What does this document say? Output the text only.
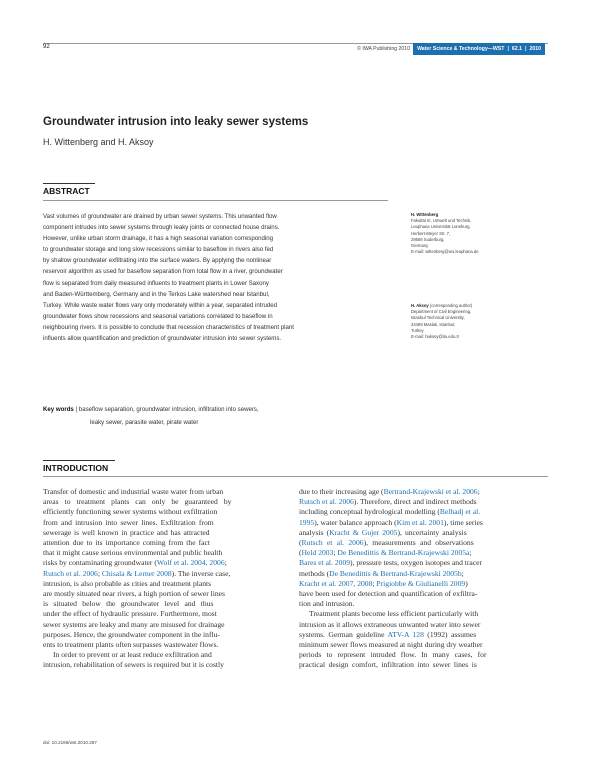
92	© IWA Publishing 2010 Water Science & Technology—WST | 62.1 | 2010
Groundwater intrusion into leaky sewer systems
H. Wittenberg and H. Aksoy
ABSTRACT
Vast volumes of groundwater are drained by urban sewer systems. This unwanted flow
component intrudes into sewer systems through leaky joints or connected house drains.
However, unlike urban storm drainage, it has a high seasonal variation corresponding
to groundwater storage and long slow recessions similar to baseflow in rivers also fed
by shallow groundwater exfiltrating into the surface waters. By applying the nonlinear
reservoir algorithm as used for baseflow separation from total flow in a river, groundwater
flow is separated from daily measured influents to treatment plants in Lower Saxony
and Baden-Württemberg, Germany and in the Terkos Lake watershed near Istanbul,
Turkey. While waste water flows vary only moderately within a year, separated intruded
groundwater flows show recessions and seasonal variations correlated to baseflow in
neighbouring rivers. It is possible to conclude that recession characteristics of treatment plant
influents allow quantification and prediction of groundwater intrusion into sewer systems.
Key words | baseflow separation, groundwater intrusion, infiltration into sewers,
leaky sewer, parasite water, pirate water
H. Wittenberg
Fakultät III, Umwelt und Technik,
Leuphana Universität Lüneburg,
Herbert-Meyer Str. 7,
29556 Suderburg,
Germany
E-mail: wittenberg@uni.leuphana.de
H. Aksoy (corresponding author)
Department of Civil Engineering,
Istanbul Technical University,
34469 Maslak, Istanbul,
Turkey
E-mail: haksoy@itu.edu.tr
INTRODUCTION
Transfer of domestic and industrial waste water from urban
areas to treatment plants can only be guaranteed by
efficiently functioning sewer systems without exfiltration
from and intrusion into sewer lines. Exfiltration from
sewerage is well known in practice and has attracted
attention due to its importance coming from the fact
that it might cause serious environmental and public health
risks by contaminating groundwater (Wolf et al. 2004, 2006;
Rutsch et al. 2006; Chisala & Lerner 2008). The inverse case,
intrusion, is also probable as cities and treatment plants
are mostly situated near rivers, a high portion of sewer lines
is situated below the groundwater level and thus
under the effect of hydraulic pressure. Furthermore, most
sewer systems are leaky and many are misused for drainage
purposes. Hence, the groundwater component in the influ-
ents to treatment plants often surpasses wastewater flows.
In order to prevent or at least reduce exfiltration and
intrusion, rehabilitation of sewers is required but it is costly
due to their increasing age (Bertrand-Krajewski et al. 2006;
Rutsch et al. 2006). Therefore, direct and indirect methods
including conceptual hydrological modelling (Belhadj et al.
1995), water balance approach (Kim et al. 2001), time series
analysis (Kracht & Gujer 2005), uncertainty analysis
(Rutsch et al. 2006), measurements and observations
(Held 2003; De Benedittis & Bertrand-Krajewski 2005a;
Bares et al. 2009), pressure tests, oxygen isotopes and tracer
methods (De Benedittis & Bertrand-Krajewski 2005b;
Kracht et al. 2007, 2008; Prigiobbe & Giulianelli 2009)
have been used for detection and quantification of exfiltra-
tion and intrusion.
Treatment plants become less efficient particularly with
intrusion as it allows extraneous unwanted water into sewer
systems. German guideline ATV-A 128 (1992) assumes
minimum sewer flows measured at night during dry weather
periods to represent intruded flow. In many cases, for
practical design comfort, infiltration into sewer lines is
doi: 10.2166/wst.2010.287
